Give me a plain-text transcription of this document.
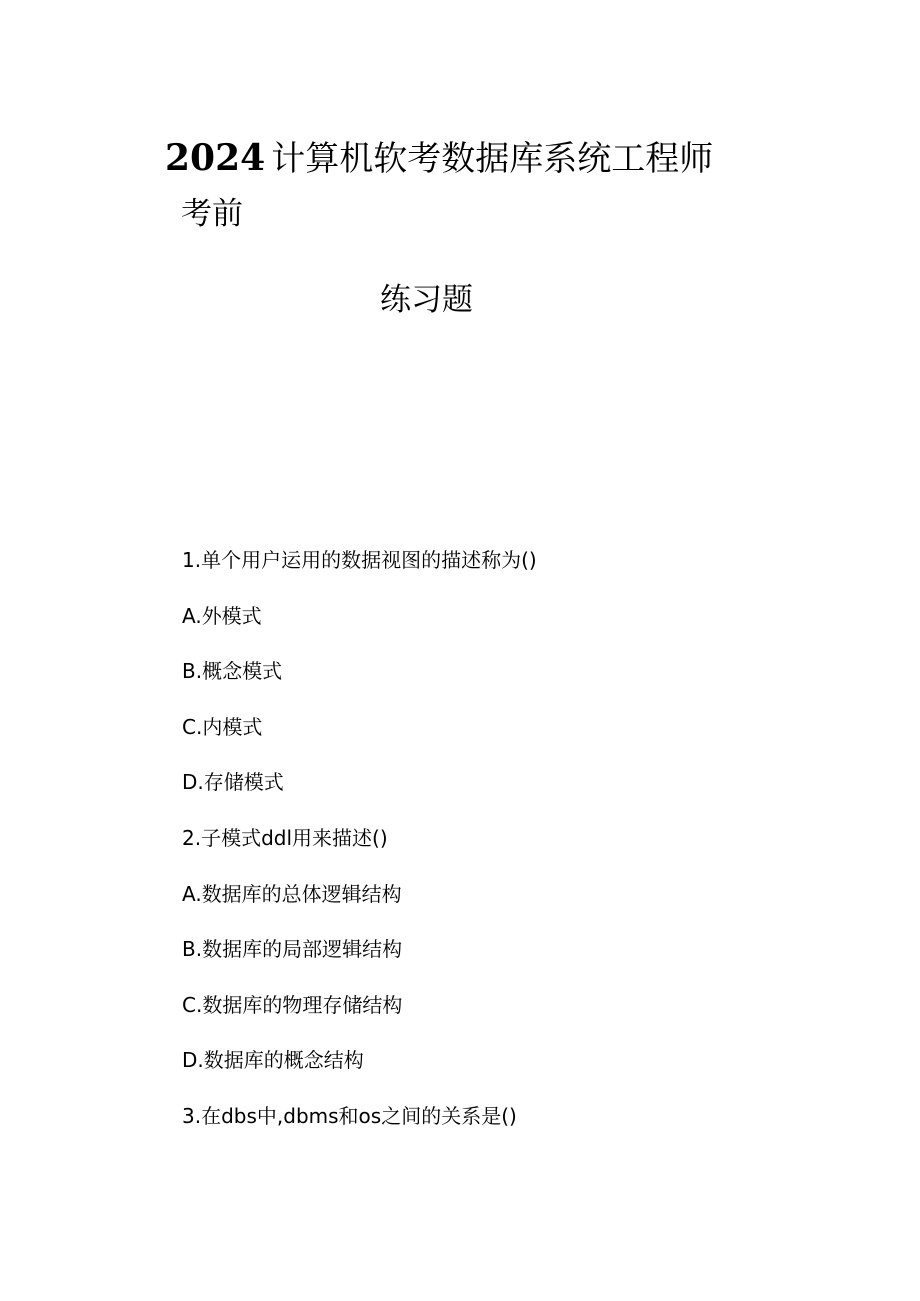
2024 计算机软考数据库系统工程师
考前
练习题
1.单个用户运用的数据视图的描述称为()
A.外模式
B.概念模式
C.内模式
D.存储模式
2.子模式ddl用来描述()
A.数据库的总体逻辑结构
B.数据库的局部逻辑结构
C.数据库的物理存储结构
D.数据库的概念结构
3.在dbs中,dbms和os之间的关系是()
